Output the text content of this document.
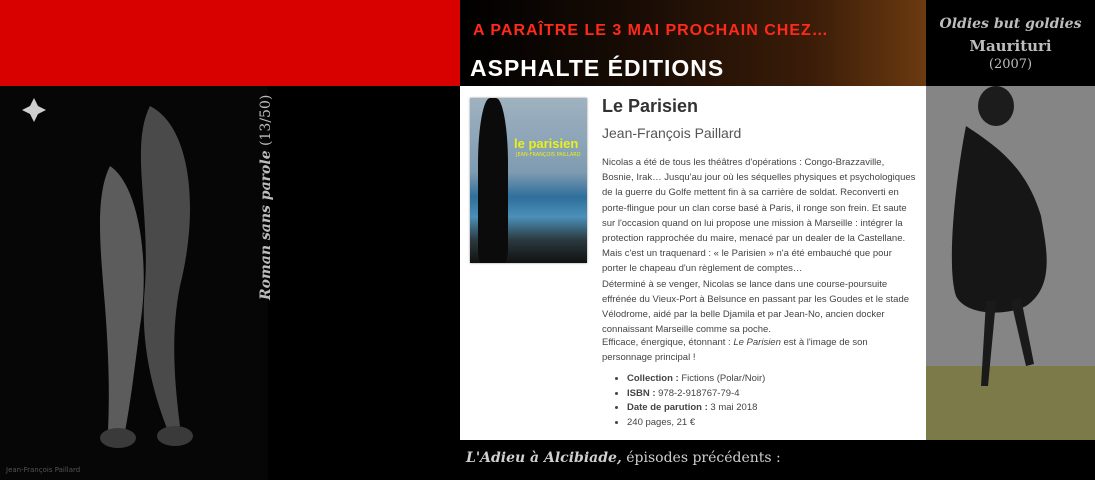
Roman sans parole (13/50)
Jean-François Paillard
A PARAÎTRE LE 3 MAI PROCHAIN CHEZ…
ASPHALTE ÉDITIONS
le parisien
JEAN-FRANÇOIS PAILLARD
Le Parisien
Jean-François Paillard
Nicolas a été de tous les théâtres d'opérations : Congo-Brazzaville, Bosnie, Irak… Jusqu'au jour où les séquelles physiques et psychologiques de la guerre du Golfe mettent fin à sa carrière de soldat. Reconverti en porte-flingue pour un clan corse basé à Paris, il ronge son frein. Et saute sur l'occasion quand on lui propose une mission à Marseille : intégrer la protection rapprochée du maire, menacé par un dealer de la Castellane. Mais c'est un traquenard : « le Parisien » n'a été embauché que pour porter le chapeau d'un règlement de comptes…
Déterminé à se venger, Nicolas se lance dans une course-poursuite effrénée du Vieux-Port à Belsunce en passant par les Goudes et le stade Vélodrome, aidé par la belle Djamila et par Jean-No, ancien docker connaissant Marseille comme sa poche.
Efficace, énergique, étonnant : Le Parisien est à l'image de son personnage principal !
• Collection : Fictions (Polar/Noir)
• ISBN : 978-2-918767-79-4
• Date de parution : 3 mai 2018
• 240 pages, 21 €
L'Adieu à Alcibiade, épisodes précédents :
Oldies but goldies
Mauriturі
(2007)
